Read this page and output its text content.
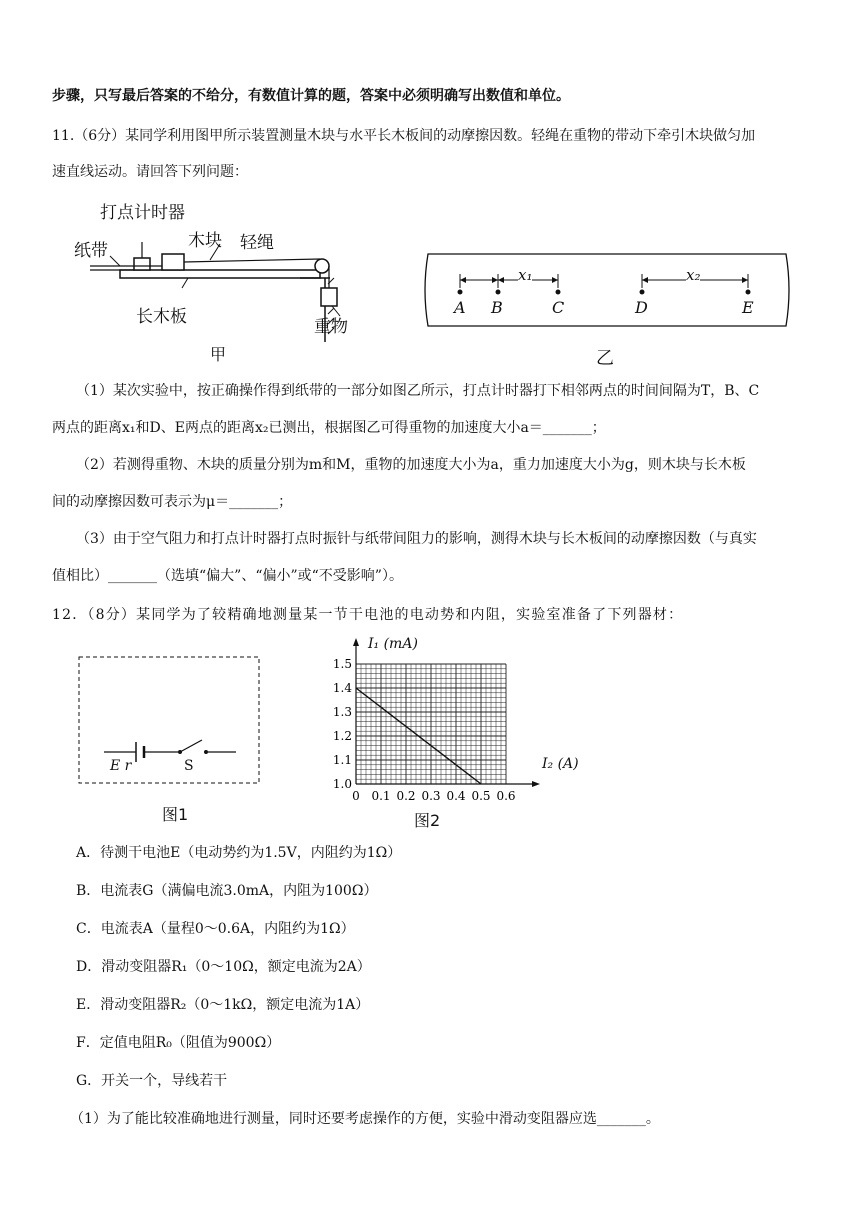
步骤，只写最后答案的不给分，有数值计算的题，答案中必须明确写出数值和单位。
11.（6分）某同学利用图甲所示装置测量木块与水平长木板间的动摩擦因数。轻绳在重物的带动下牵引木块做匀加
速直线运动。请回答下列问题：
打点计时器
纸带	木块 轻绳
长木板	重物
甲
x₁	x₂
A B	C	D	E
乙
（1）某次实验中，按正确操作得到纸带的一部分如图乙所示，打点计时器打下相邻两点的时间间隔为T，B、C
两点的距离x₁和D、E两点的距离x₂已测出，根据图乙可得重物的加速度大小a＝_______；
（2）若测得重物、木块的质量分别为m和M，重物的加速度大小为a，重力加速度大小为g，则木块与长木板
间的动摩擦因数可表示为μ＝_______；
（3）由于空气阻力和打点计时器打点时振针与纸带间阻力的影响，测得木块与长木板间的动摩擦因数（与真实
值相比）_______（选填“偏大”、“偏小”或“不受影响”）。
12．（8分）某同学为了较精确地测量某一节干电池的电动势和内阻，实验室准备了下列器材：
E r	S
图1
0 0.1 0.2 0.3 0.4 0.5 0.6
1.0
1.1
1.2
1.3
1.4
1.5
I₁ (mA)
I₂ (A)
图2
A．待测干电池E（电动势约为1.5V，内阻约为1Ω）
B．电流表G（满偏电流3.0mA，内阻为100Ω）
C．电流表A（量程0～0.6A，内阻约为1Ω）
D．滑动变阻器R₁（0～10Ω，额定电流为2A）
E．滑动变阻器R₂（0～1kΩ，额定电流为1A）
F．定值电阻R₀（阻值为900Ω）
G．开关一个，导线若干
（1）为了能比较准确地进行测量，同时还要考虑操作的方便，实验中滑动变阻器应选_______。
